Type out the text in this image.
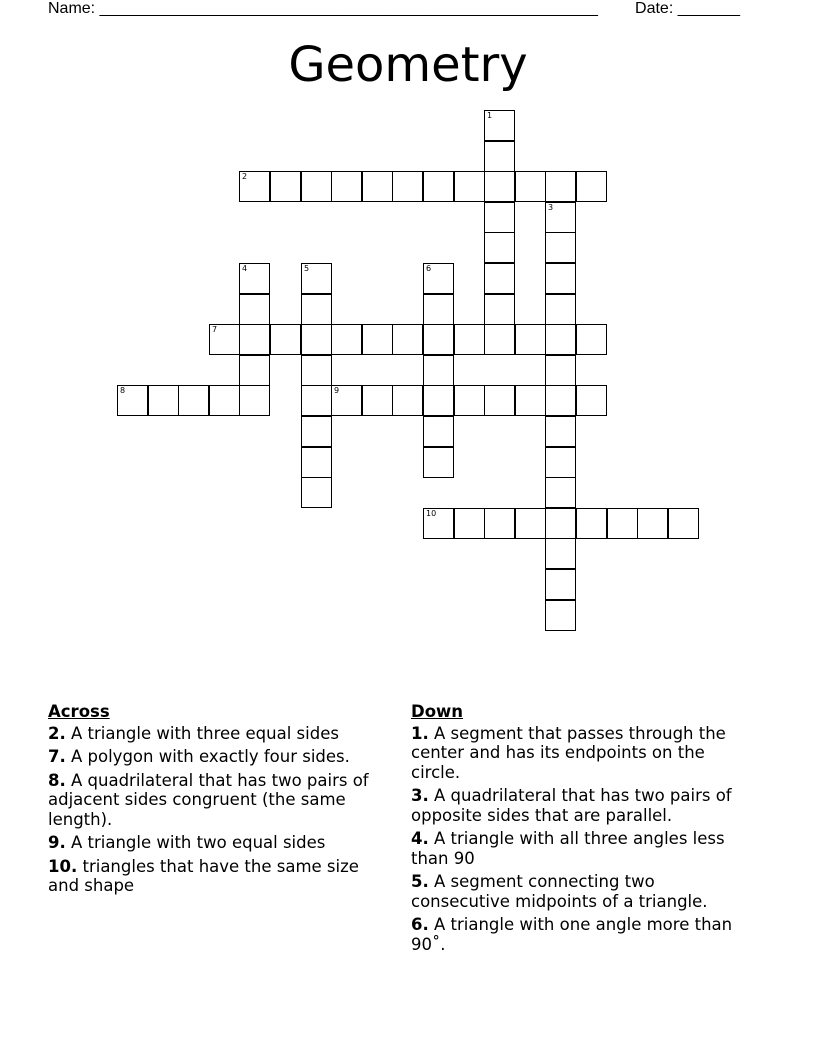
Name: ________________________________________________________ Date: _______
Geometry
1
2
3
4	5	6
7
8	9
10
Across
2. A triangle with three equal sides
7. A polygon with exactly four sides.
8. A quadrilateral that has two pairs of adjacent sides congruent (the same length).
9. A triangle with two equal sides
10. triangles that have the same size and shape
Down
1. A segment that passes through the center and has its endpoints on the circle.
3. A quadrilateral that has two pairs of opposite sides that are parallel.
4. A triangle with all three angles less than 90
5. A segment connecting two consecutive midpoints of a triangle.
6. A triangle with one angle more than 90˚.
